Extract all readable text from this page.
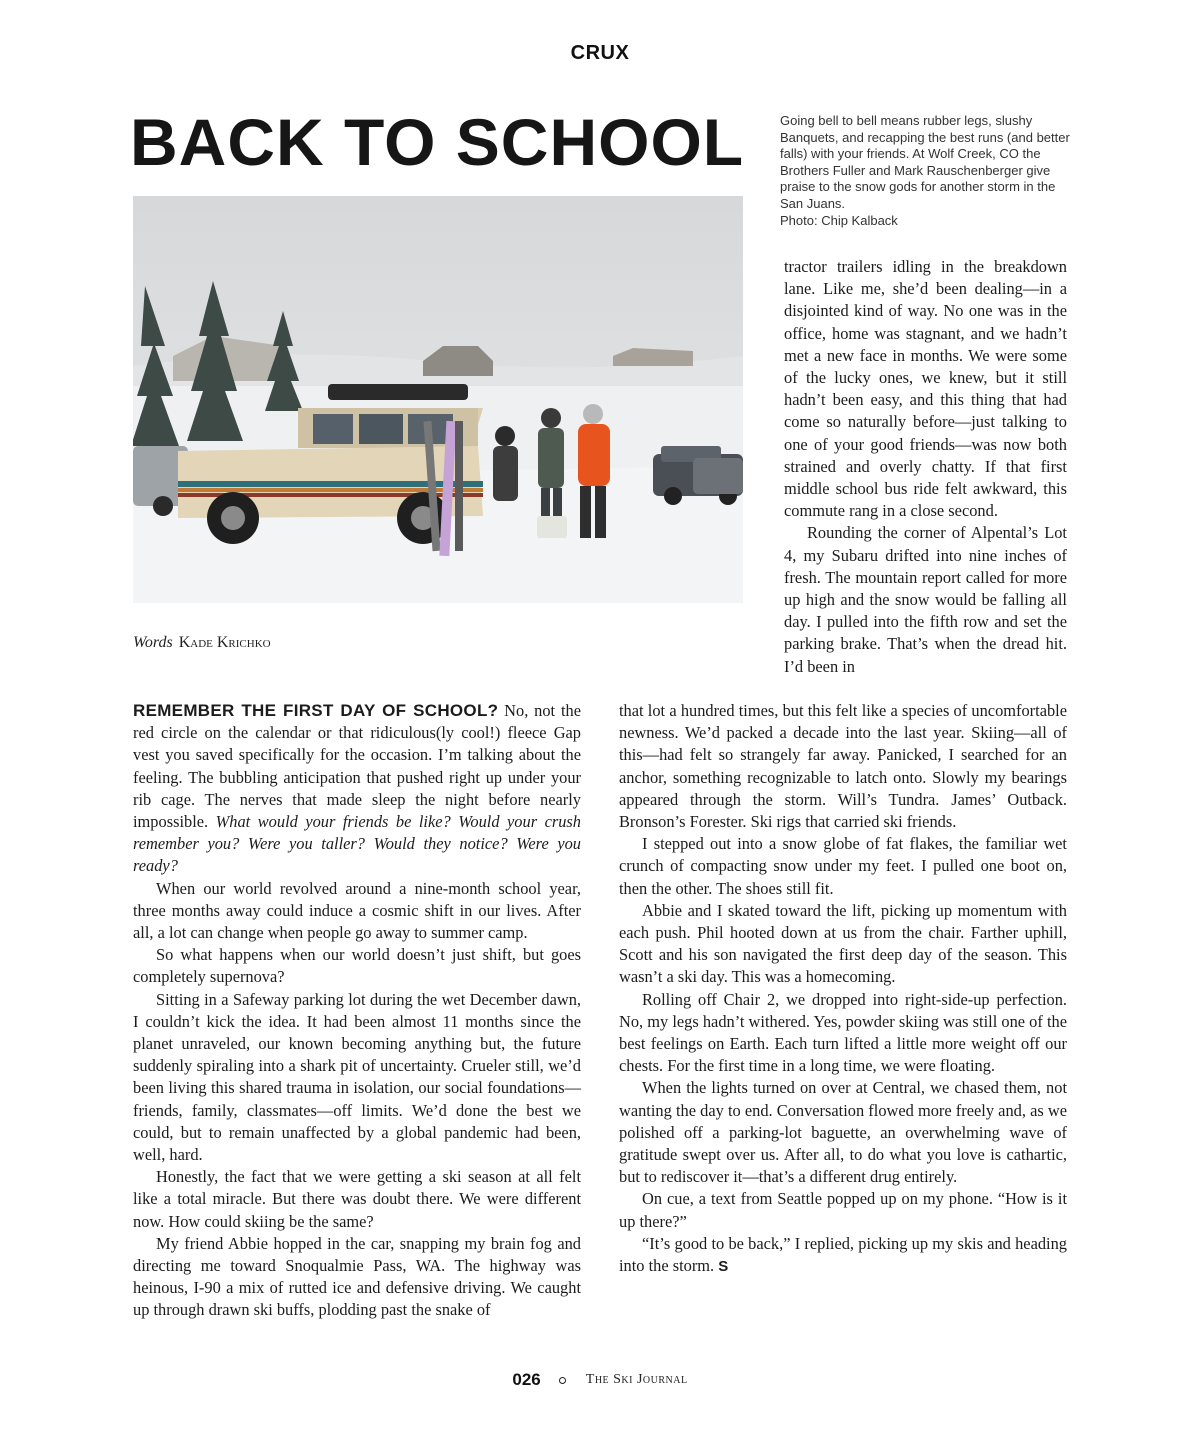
CRUX
BACK TO SCHOOL	Going bell to bell means rubber legs, slushy Banquets, and recapping the best runs (and better falls) with your friends. At Wolf Creek, CO the Brothers Fuller and Mark Rauschenberger give praise to the snow gods for another storm in the San Juans.

Photo: Chip Kalback

Words Kade Krichko

tractor trailers idling in the breakdown lane. Like me, she’d been dealing—in a disjointed kind of way. No one was in the office, home was stagnant, and we hadn’t met a new face in months. We were some of the lucky ones, we knew, but it still hadn’t been easy, and this thing that had come so naturally before—just talking to one of your good friends—was now both strained and overly chatty. If that first middle school bus ride felt awkward, this commute rang in a close second.

Rounding the corner of Alpental’s Lot 4, my Subaru drifted into nine inches of fresh. The mountain report called for more up high and the snow would be falling all day. I pulled into the fifth row and set the parking brake. That’s when the dread hit. I’d been in

REMEMBER THE FIRST DAY OF SCHOOL? No, not the red circle on the calendar or that ridiculous(ly cool!) fleece Gap vest you saved specifically for the occasion. I’m talking about the feeling. The bubbling anticipation that pushed right up under your rib cage. The nerves that made sleep the night before nearly impossible. What would your friends be like? Would your crush remember you? Were you taller? Would they notice? Were you ready?

When our world revolved around a nine-month school year, three months away could induce a cosmic shift in our lives. After all, a lot can change when people go away to summer camp.

So what happens when our world doesn’t just shift, but goes completely supernova?

Sitting in a Safeway parking lot during the wet December dawn, I couldn’t kick the idea. It had been almost 11 months since the planet unraveled, our known becoming anything but, the future suddenly spiraling into a shark pit of uncertainty. Crueler still, we’d been living this shared trauma in isolation, our social foundations—friends, family, classmates—off limits. We’d done the best we could, but to remain unaffected by a global pandemic had been, well, hard.

Honestly, the fact that we were getting a ski season at all felt like a total miracle. But there was doubt there. We were different now. How could skiing be the same?

My friend Abbie hopped in the car, snapping my brain fog and directing me toward Snoqualmie Pass, WA. The highway was heinous, I-90 a mix of rutted ice and defensive driving. We caught up through drawn ski buffs, plodding past the snake of

that lot a hundred times, but this felt like a species of uncomfortable newness. We’d packed a decade into the last year. Skiing—all of this—had felt so strangely far away. Panicked, I searched for an anchor, something recognizable to latch onto. Slowly my bearings appeared through the storm. Will’s Tundra. James’ Outback. Bronson’s Forester. Ski rigs that carried ski friends.

I stepped out into a snow globe of fat flakes, the familiar wet crunch of compacting snow under my feet. I pulled one boot on, then the other. The shoes still fit.

Abbie and I skated toward the lift, picking up momentum with each push. Phil hooted down at us from the chair. Farther uphill, Scott and his son navigated the first deep day of the season. This wasn’t a ski day. This was a homecoming.

Rolling off Chair 2, we dropped into right-side-up perfection. No, my legs hadn’t withered. Yes, powder skiing was still one of the best feelings on Earth. Each turn lifted a little more weight off our chests. For the first time in a long time, we were floating.

When the lights turned on over at Central, we chased them, not wanting the day to end. Conversation flowed more freely and, as we polished off a parking-lot baguette, an overwhelming wave of gratitude swept over us. After all, to do what you love is cathartic, but to rediscover it—that’s a different drug entirely.

On cue, a text from Seattle popped up on my phone. “How is it up there?”

“It’s good to be back,” I replied, picking up my skis and heading into the storm. S

026	The Ski Journal
